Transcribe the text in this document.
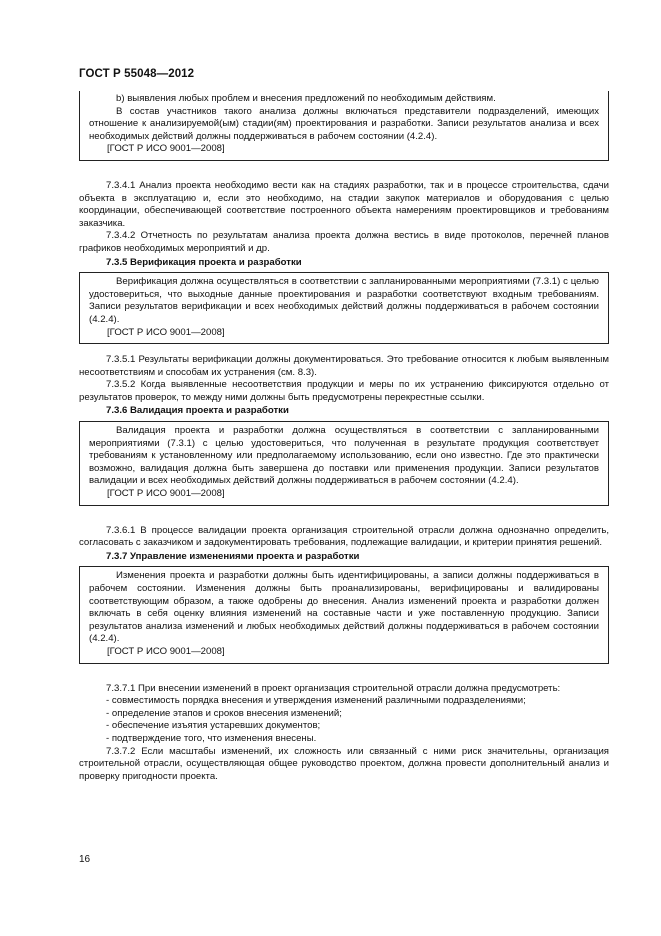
ГОСТ Р 55048—2012

b) выявления любых проблем и внесения предложений по необходимым действиям.

В состав участников такого анализа должны включаться представители подразделений, имеющих отношение к анализируемой(ым) стадии(ям) проектирования и разработки. Записи результатов анализа и всех необходимых действий должны поддерживаться в рабочем состоянии (4.2.4).

[ГОСТ Р ИСО 9001—2008]

7.3.4.1 Анализ проекта необходимо вести как на стадиях разработки, так и в процессе строительства, сдачи объекта в эксплуатацию и, если это необходимо, на стадии закупок материалов и оборудования с целью координации, обеспечивающей соответствие построенного объекта намерениям проектировщиков и требованиям заказчика.

7.3.4.2 Отчетность по результатам анализа проекта должна вестись в виде протоколов, перечней планов графиков необходимых мероприятий и др.

7.3.5 Верификация проекта и разработки

Верификация должна осуществляться в соответствии с запланированными мероприятиями (7.3.1) с целью удостовериться, что выходные данные проектирования и разработки соответствуют входным требованиям. Записи результатов верификации и всех необходимых действий должны поддерживаться в рабочем состоянии (4.2.4).

[ГОСТ Р ИСО 9001—2008]

7.3.5.1 Результаты верификации должны документироваться. Это требование относится к любым выявленным несоответствиям и способам их устранения (см. 8.3).

7.3.5.2 Когда выявленные несоответствия продукции и меры по их устранению фиксируются отдельно от результатов проверок, то между ними должны быть предусмотрены перекрестные ссылки.

7.3.6 Валидация проекта и разработки

Валидация проекта и разработки должна осуществляться в соответствии с запланированными мероприятиями (7.3.1) с целью удостовериться, что полученная в результате продукция соответствует требованиям к установленному или предполагаемому использованию, если оно известно. Где это практически возможно, валидация должна быть завершена до поставки или применения продукции. Записи результатов валидации и всех необходимых действий должны поддерживаться в рабочем состоянии (4.2.4).

[ГОСТ Р ИСО 9001—2008]

7.3.6.1 В процессе валидации проекта организация строительной отрасли должна однозначно определить, согласовать с заказчиком и задокументировать требования, подлежащие валидации, и критерии принятия решений.

7.3.7 Управление изменениями проекта и разработки

Изменения проекта и разработки должны быть идентифицированы, а записи должны поддерживаться в рабочем состоянии. Изменения должны быть проанализированы, верифицированы и валидированы соответствующим образом, а также одобрены до внесения. Анализ изменений проекта и разработки должен включать в себя оценку влияния изменений на составные части и уже поставленную продукцию. Записи результатов анализа изменений и любых необходимых действий должны поддерживаться в рабочем состоянии (4.2.4).

[ГОСТ Р ИСО 9001—2008]

7.3.7.1 При внесении изменений в проект организация строительной отрасли должна предусмотреть:

- совместимость порядка внесения и утверждения изменений различными подразделениями;

- определение этапов и сроков внесения изменений;

- обеспечение изъятия устаревших документов;

- подтверждение того, что изменения внесены.

7.3.7.2 Если масштабы изменений, их сложность или связанный с ними риск значительны, организация строительной отрасли, осуществляющая общее руководство проектом, должна провести дополнительный анализ и проверку пригодности проекта.

16
